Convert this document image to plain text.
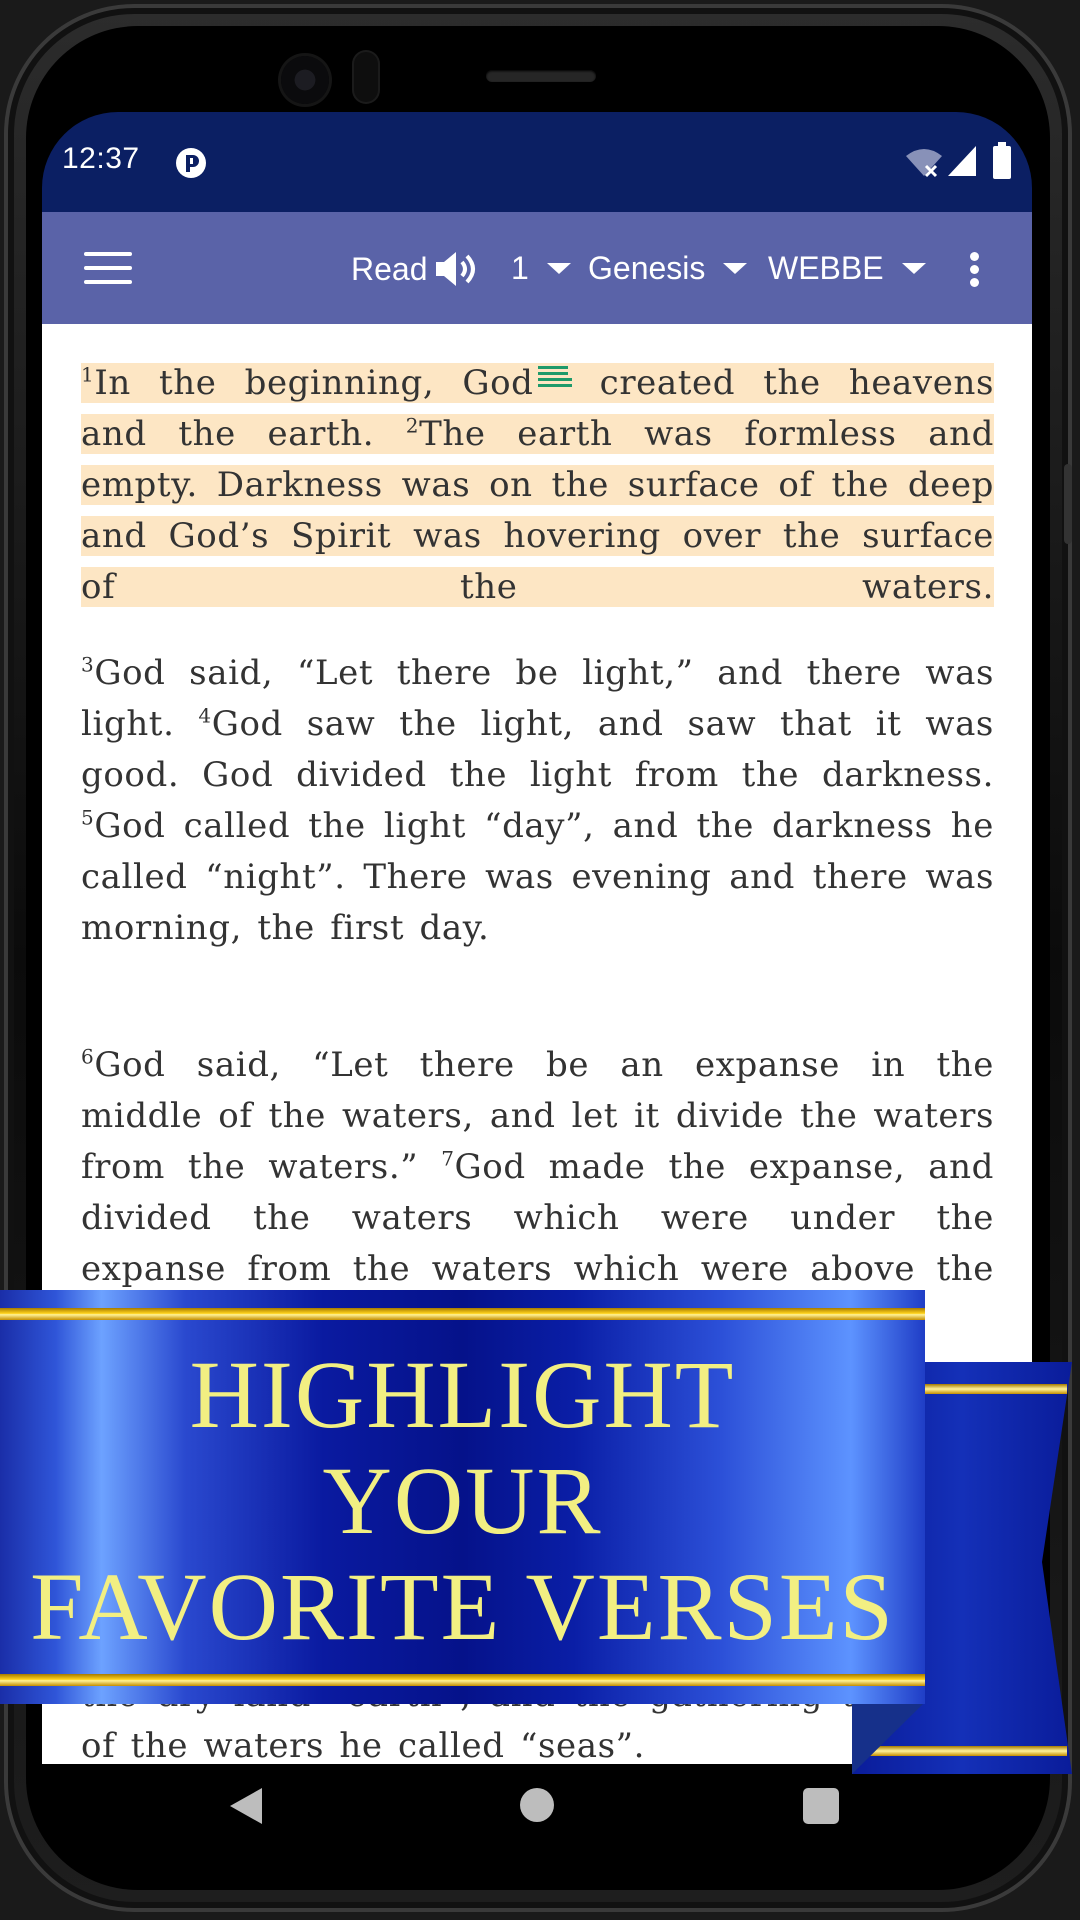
12:37
Read	1 Genesis WEBBE
$^1$In the beginning, God created the heavens and the earth. $^2$The earth was formless and empty. Darkness was on the surface of the deep and God’s Spirit was hovering over the surface of the waters.
$^3$God said, “Let there be light,” and there was light. $^4$God saw the light, and saw that it was good. God divided the light from the darkness. $^5$God called the light “day”, and the darkness he called “night”. There was evening and there was morning, the first day.
$^6$God said, “Let there be an expanse in the middle of the waters, and let it divide the waters from the waters.” $^7$God made the expanse, and divided the waters which were under the expanse from the waters which were above the
of the waters he called “seas”.
HIGHLIGHT
YOUR
FAVORITE VERSES
